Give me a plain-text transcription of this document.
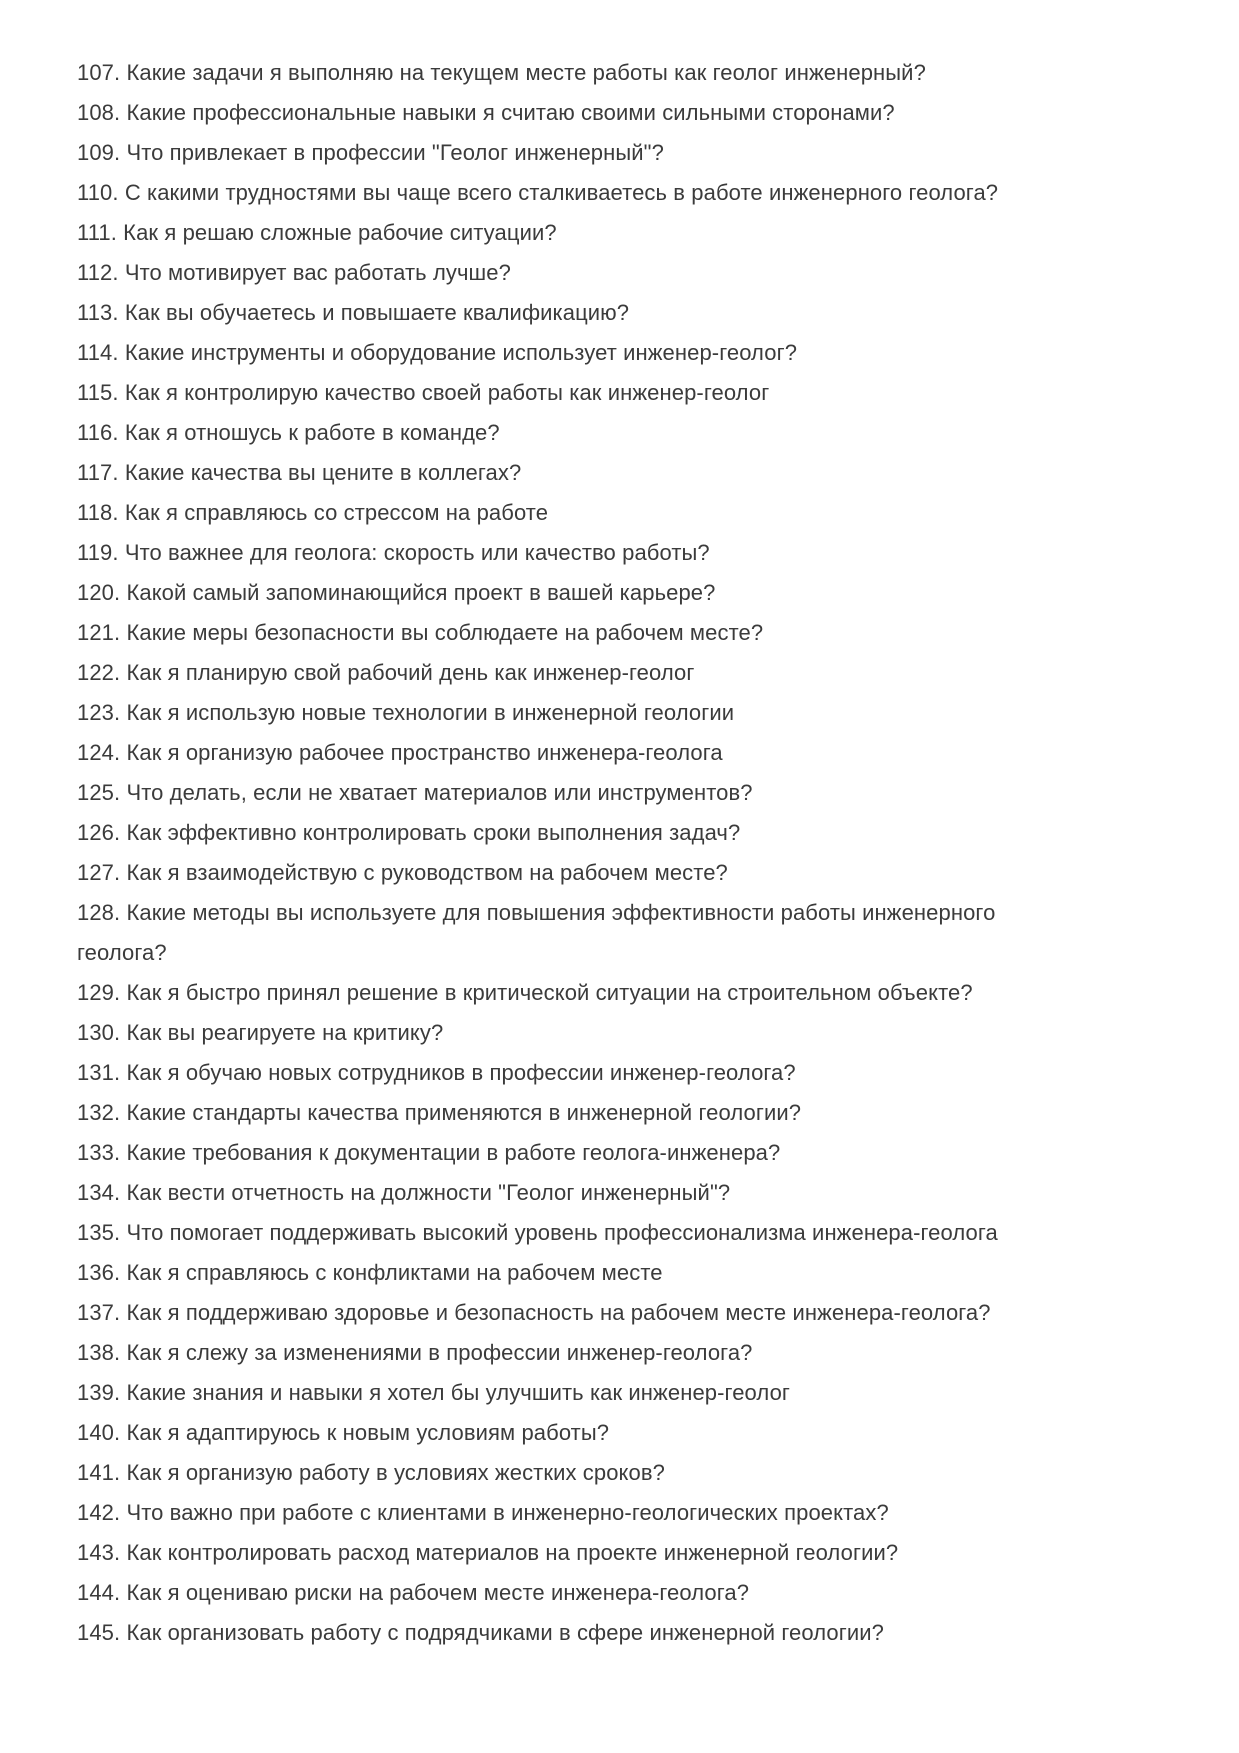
107. Какие задачи я выполняю на текущем месте работы как геолог инженерный?

108. Какие профессиональные навыки я считаю своими сильными сторонами?

109. Что привлекает в профессии "Геолог инженерный"?

110. С какими трудностями вы чаще всего сталкиваетесь в работе инженерного геолога?

111. Как я решаю сложные рабочие ситуации?

112. Что мотивирует вас работать лучше?

113. Как вы обучаетесь и повышаете квалификацию?

114. Какие инструменты и оборудование использует инженер-геолог?

115. Как я контролирую качество своей работы как инженер-геолог

116. Как я отношусь к работе в команде?

117. Какие качества вы цените в коллегах?

118. Как я справляюсь со стрессом на работе

119. Что важнее для геолога: скорость или качество работы?

120. Какой самый запоминающийся проект в вашей карьере?

121. Какие меры безопасности вы соблюдаете на рабочем месте?

122. Как я планирую свой рабочий день как инженер-геолог

123. Как я использую новые технологии в инженерной геологии

124. Как я организую рабочее пространство инженера-геолога

125. Что делать, если не хватает материалов или инструментов?

126. Как эффективно контролировать сроки выполнения задач?

127. Как я взаимодействую с руководством на рабочем месте?

128. Какие методы вы используете для повышения эффективности работы инженерного геолога?

129. Как я быстро принял решение в критической ситуации на строительном объекте?

130. Как вы реагируете на критику?

131. Как я обучаю новых сотрудников в профессии инженер-геолога?

132. Какие стандарты качества применяются в инженерной геологии?

133. Какие требования к документации в работе геолога-инженера?

134. Как вести отчетность на должности "Геолог инженерный"?

135. Что помогает поддерживать высокий уровень профессионализма инженера-геолога

136. Как я справляюсь с конфликтами на рабочем месте

137. Как я поддерживаю здоровье и безопасность на рабочем месте инженера-геолога?

138. Как я слежу за изменениями в профессии инженер-геолога?

139. Какие знания и навыки я хотел бы улучшить как инженер-геолог

140. Как я адаптируюсь к новым условиям работы?

141. Как я организую работу в условиях жестких сроков?

142. Что важно при работе с клиентами в инженерно-геологических проектах?

143. Как контролировать расход материалов на проекте инженерной геологии?

144. Как я оцениваю риски на рабочем месте инженера-геолога?

145. Как организовать работу с подрядчиками в сфере инженерной геологии?
